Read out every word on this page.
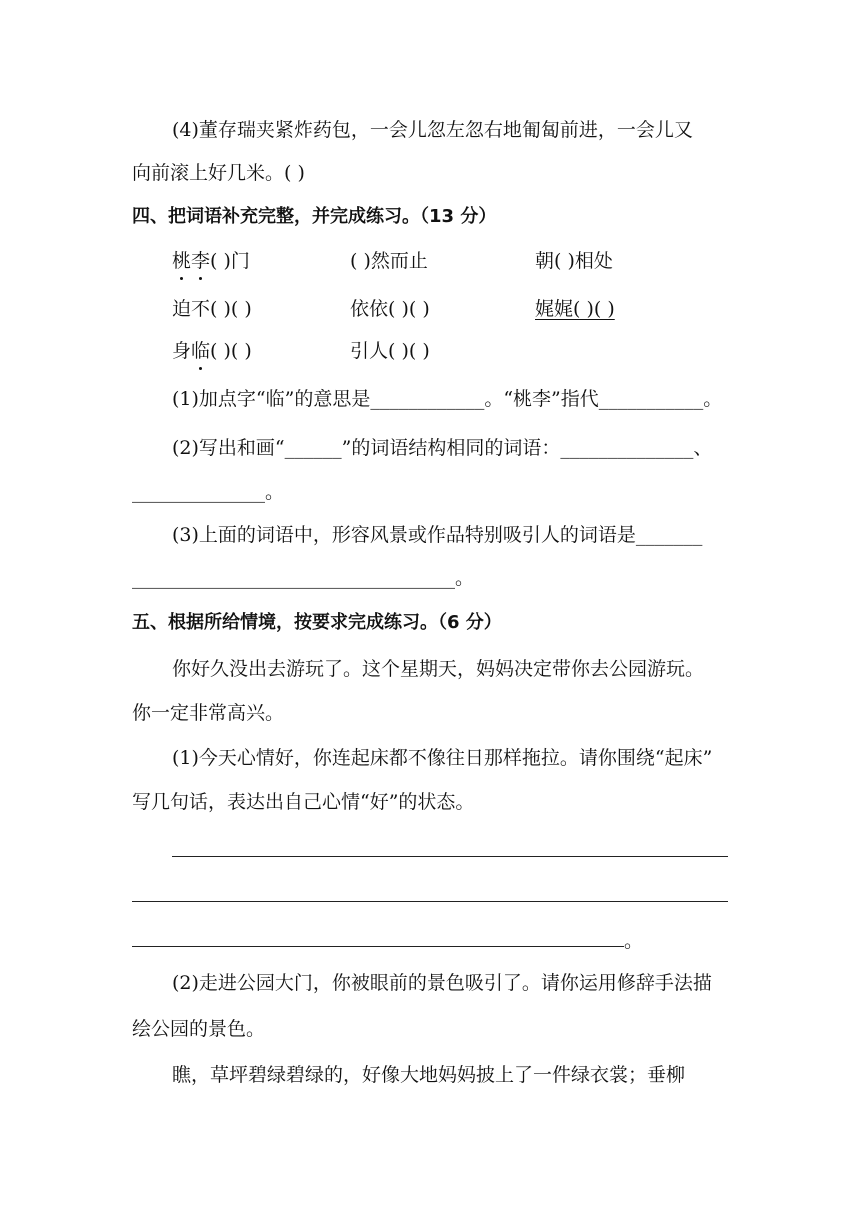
(4)董存瑞夹紧炸药包，一会儿忽左忽右地匍匐前进，一会儿又
向前滚上好几米。( )
四、把词语补充完整，并完成练习。（13 分）
桃李( )门	( )然而止	朝( )相处
迫不( )( )	依依( )( )	娓娓( )( )
身临( )( )	引人( )( )
(1)加点字“临”的意思是____________。“桃李”指代___________。
(2)写出和画“______”的词语结构相同的词语：______________、
______________。
(3)上面的词语中，形容风景或作品特别吸引人的词语是_______
__________________________________。
五、根据所给情境，按要求完成练习。（6 分）
你好久没出去游玩了。这个星期天，妈妈决定带你去公园游玩。
你一定非常高兴。
(1)今天心情好，你连起床都不像往日那样拖拉。请你围绕“起床”
写几句话，表达出自己心情“好”的状态。
。
(2)走进公园大门，你被眼前的景色吸引了。请你运用修辞手法描
绘公园的景色。
瞧，草坪碧绿碧绿的，好像大地妈妈披上了一件绿衣裳；垂柳
